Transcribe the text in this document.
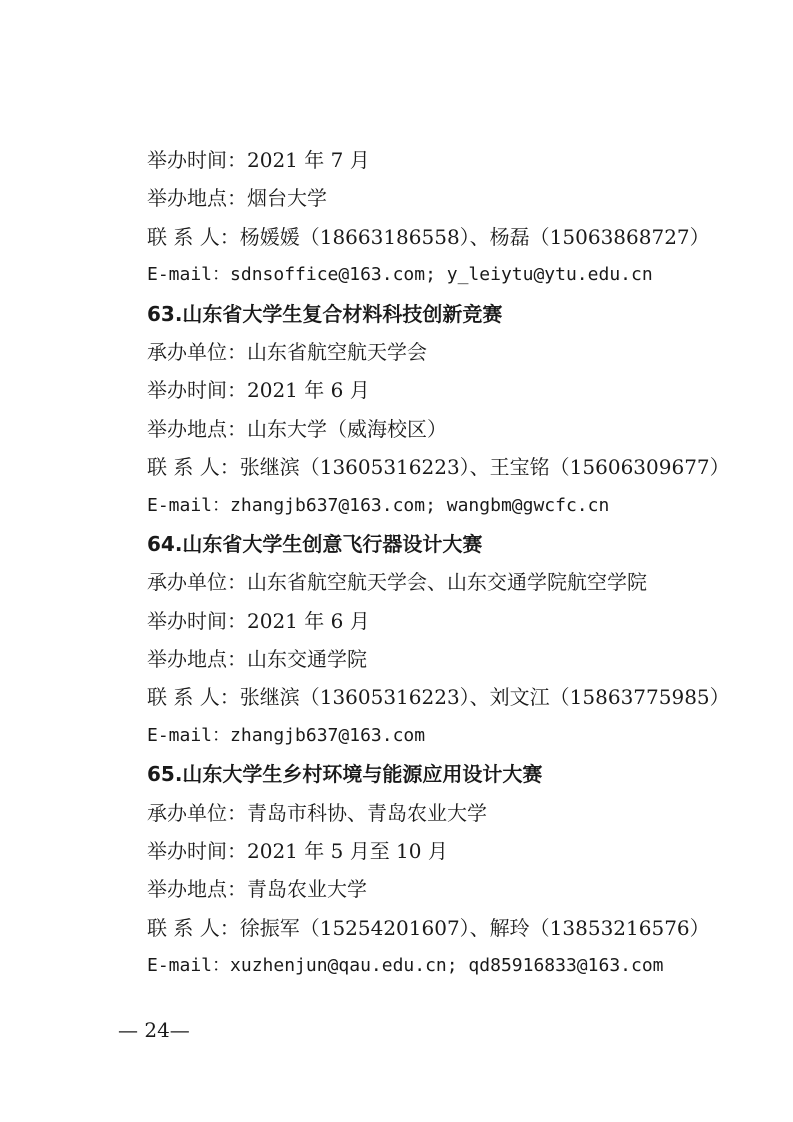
举办时间：2021 年 7 月
举办地点：烟台大学
联 系 人：杨媛媛（18663186558）、杨磊（15063868727）
E-mail：sdnsoffice@163.com; y_leiytu@ytu.edu.cn
63.山东省大学生复合材料科技创新竞赛
承办单位：山东省航空航天学会
举办时间：2021 年 6 月
举办地点：山东大学（威海校区）
联 系 人：张继滨（13605316223）、王宝铭（15606309677）
E-mail：zhangjb637@163.com; wangbm@gwcfc.cn
64.山东省大学生创意飞行器设计大赛
承办单位：山东省航空航天学会、山东交通学院航空学院
举办时间：2021 年 6 月
举办地点：山东交通学院
联 系 人：张继滨（13605316223）、刘文江（15863775985）
E-mail：zhangjb637@163.com
65.山东大学生乡村环境与能源应用设计大赛
承办单位：青岛市科协、青岛农业大学
举办时间：2021 年 5 月至 10 月
举办地点：青岛农业大学
联 系 人：徐振军（15254201607）、解玲（13853216576）
E-mail：xuzhenjun@qau.edu.cn; qd85916833@163.com
— 24—
